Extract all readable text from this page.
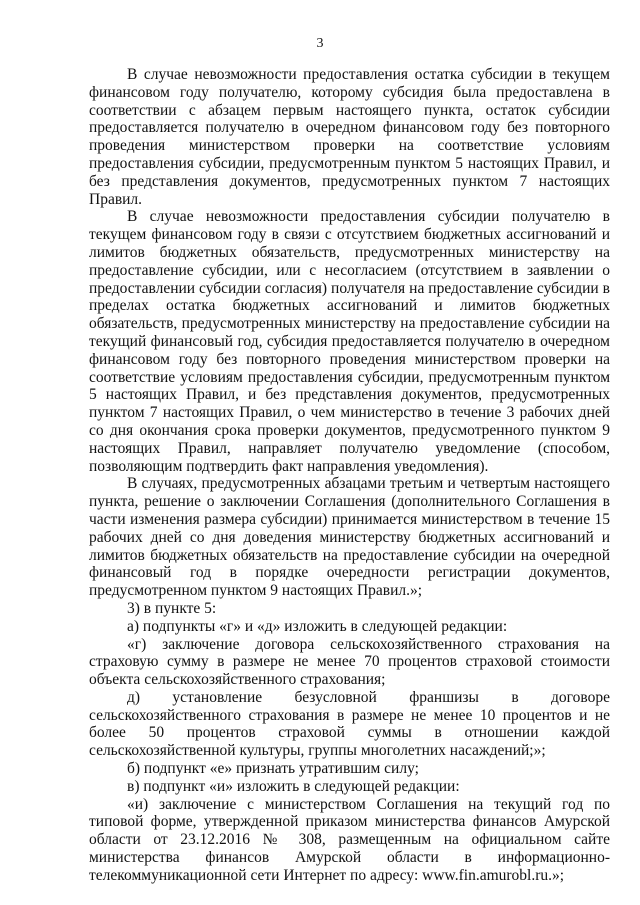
3

В случае невозможности предоставления остатка субсидии в текущем финансовом году получателю, которому субсидия была предоставлена в соответствии с абзацем первым настоящего пункта, остаток субсидии предоставляется получателю в очередном финансовом году без повторного проведения министерством проверки на соответствие условиям предоставления субсидии, предусмотренным пунктом 5 настоящих Правил, и без представления документов, предусмотренных пунктом 7 настоящих Правил.

В случае невозможности предоставления субсидии получателю в текущем финансовом году в связи с отсутствием бюджетных ассигнований и лимитов бюджетных обязательств, предусмотренных министерству на предоставление субсидии, или с несогласием (отсутствием в заявлении о предоставлении субсидии согласия) получателя на предоставление субсидии в пределах остатка бюджетных ассигнований и лимитов бюджетных обязательств, предусмотренных министерству на предоставление субсидии на текущий финансовый год, субсидия предоставляется получателю в очередном финансовом году без повторного проведения министерством проверки на соответствие условиям предоставления субсидии, предусмотренным пунктом 5 настоящих Правил, и без представления документов, предусмотренных пунктом 7 настоящих Правил, о чем министерство в течение 3 рабочих дней со дня окончания срока проверки документов, предусмотренного пунктом 9 настоящих Правил, направляет получателю уведомление (способом, позволяющим подтвердить факт направления уведомления).

В случаях, предусмотренных абзацами третьим и четвертым настоящего пункта, решение о заключении Соглашения (дополнительного Соглашения в части изменения размера субсидии) принимается министерством в течение 15 рабочих дней со дня доведения министерству бюджетных ассигнований и лимитов бюджетных обязательств на предоставление субсидии на очередной финансовый год в порядке очередности регистрации документов, предусмотренном пунктом 9 настоящих Правил.»;

3) в пункте 5:

а) подпункты «г» и «д» изложить в следующей редакции:

«г) заключение договора сельскохозяйственного страхования на страховую сумму в размере не менее 70 процентов страховой стоимости объекта сельскохозяйственного страхования;

д) установление безусловной франшизы в договоре сельскохозяйственного страхования в размере не менее 10 процентов и не более 50 процентов страховой суммы в отношении каждой сельскохозяйственной культуры, группы многолетних насаждений;»;

б) подпункт «е» признать утратившим силу;

в) подпункт «и» изложить в следующей редакции:

«и) заключение с министерством Соглашения на текущий год по типовой форме, утвержденной приказом министерства финансов Амурской области от 23.12.2016 № 308, размещенным на официальном сайте министерства финансов Амурской области в информационно-телекоммуникационной сети Интернет по адресу: www.fin.amurobl.ru.»;
